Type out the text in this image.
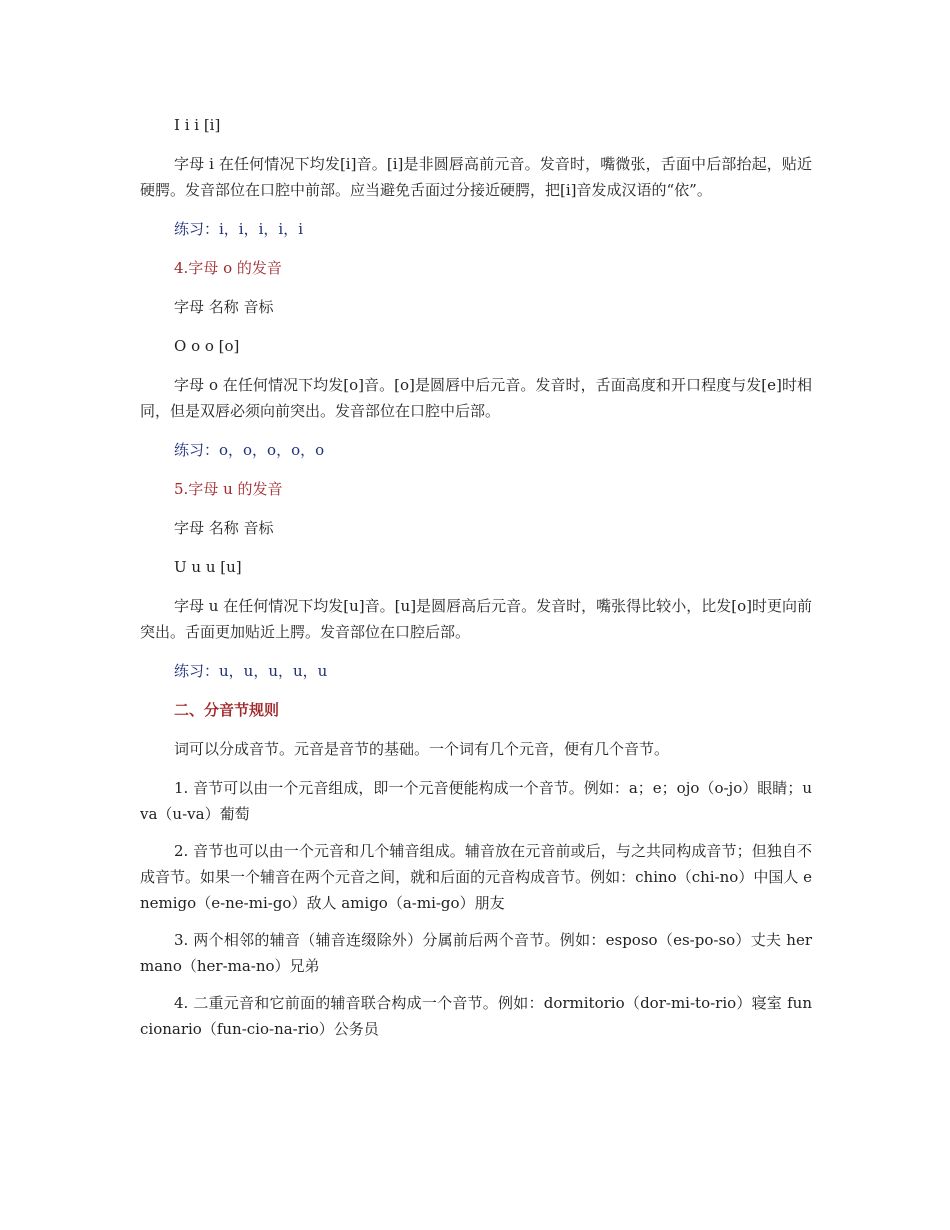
I i i [i]

字母 i 在任何情况下均发[i]音。[i]是非圆唇高前元音。发音时，嘴微张，舌面中后部抬起，贴近硬腭。发音部位在口腔中前部。应当避免舌面过分接近硬腭，把[i]音发成汉语的“依”。

练习：i，i，i，i，i

4.字母 o 的发音

字母 名称 音标

O o o [o]

字母 o 在任何情况下均发[o]音。[o]是圆唇中后元音。发音时，舌面高度和开口程度与发[e]时相同，但是双唇必须向前突出。发音部位在口腔中后部。

练习：o，o，o，o，o

5.字母 u 的发音

字母 名称 音标

U u u [u]

字母 u 在任何情况下均发[u]音。[u]是圆唇高后元音。发音时，嘴张得比较小，比发[o]时更向前突出。舌面更加贴近上腭。发音部位在口腔后部。

练习：u，u，u，u，u

二、分音节规则

词可以分成音节。元音是音节的基础。一个词有几个元音，便有几个音节。

1. 音节可以由一个元音组成，即一个元音便能构成一个音节。例如：a；e；ojo（o-jo）眼睛；uva（u-va）葡萄

2. 音节也可以由一个元音和几个辅音组成。辅音放在元音前或后，与之共同构成音节；但独自不成音节。如果一个辅音在两个元音之间，就和后面的元音构成音节。例如：chino（chi-no）中国人 enemigo（e-ne-mi-go）敌人 amigo（a-mi-go）朋友

3. 两个相邻的辅音（辅音连缀除外）分属前后两个音节。例如：esposo（es-po-so）丈夫 hermano（her-ma-no）兄弟

4. 二重元音和它前面的辅音联合构成一个音节。例如：dormitorio（dor-mi-to-rio）寝室 funcionario（fun-cio-na-rio）公务员
